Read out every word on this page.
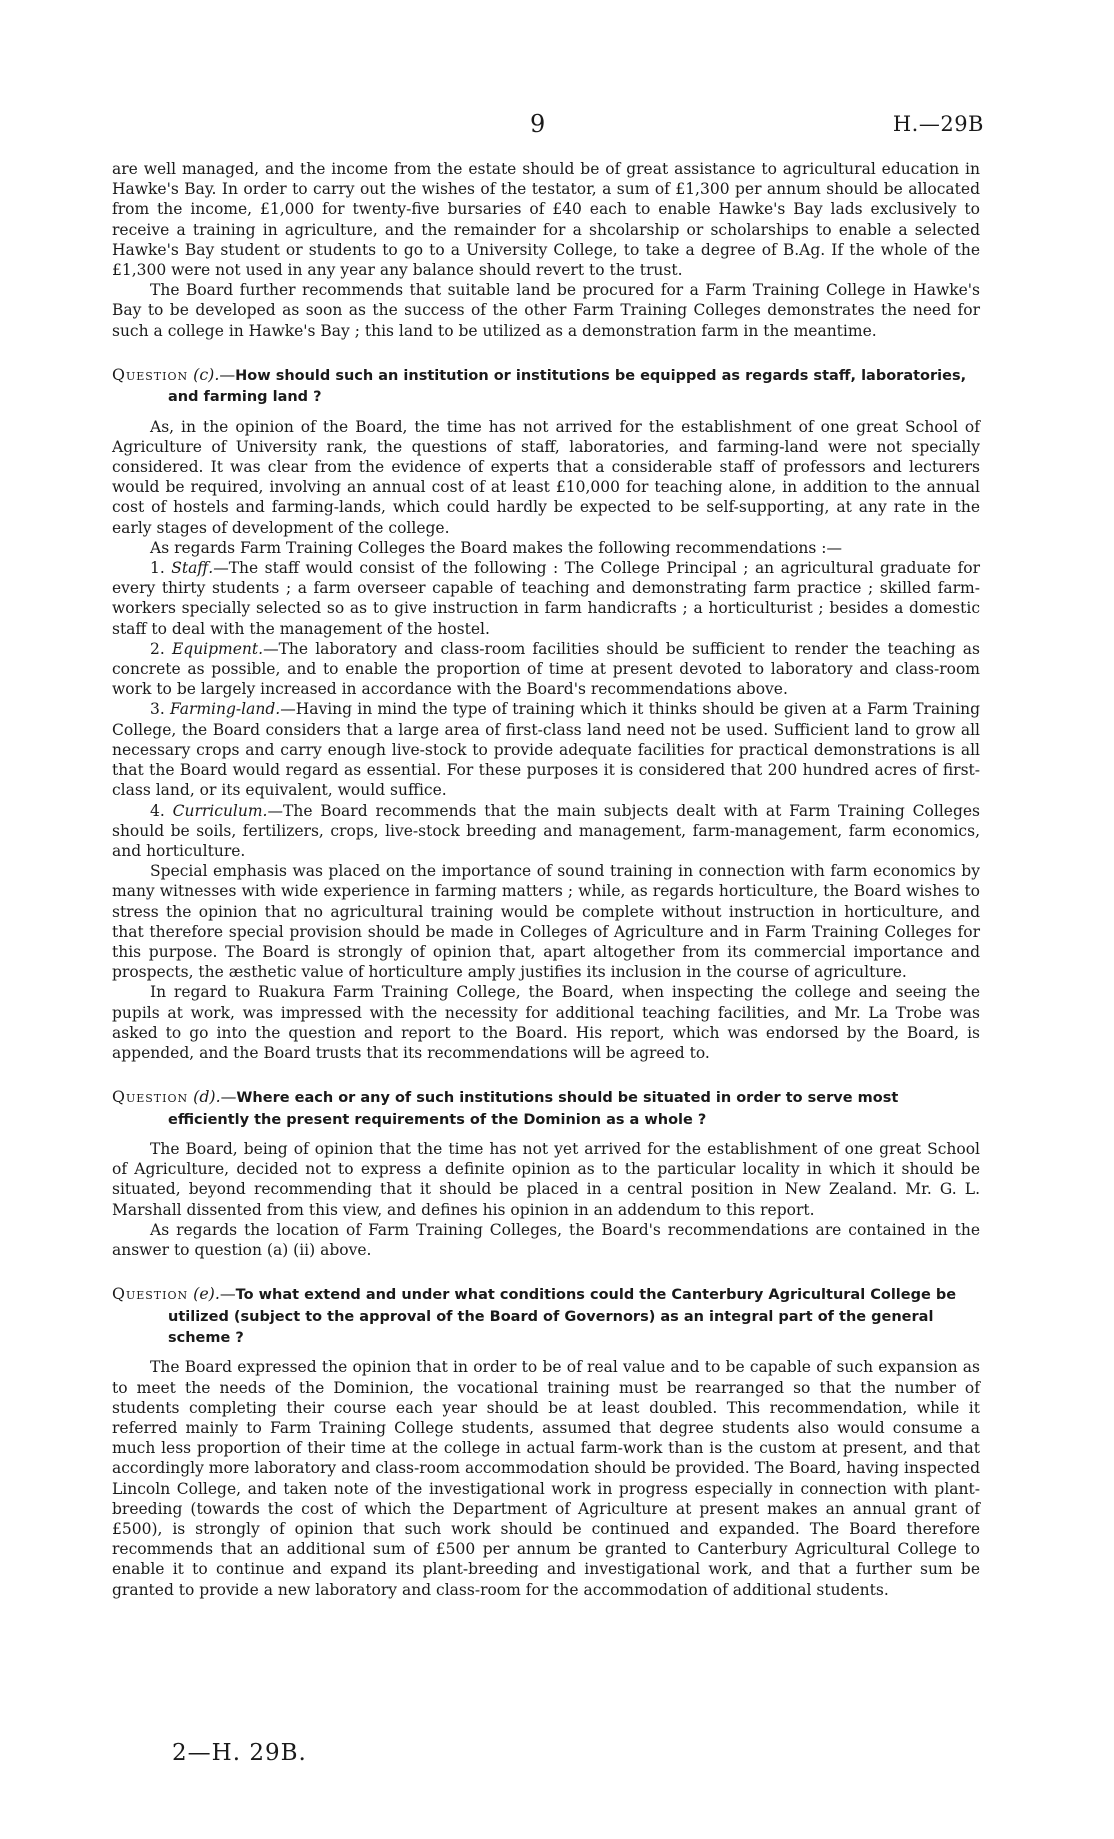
9	H.—29B

are well managed, and the income from the estate should be of great assistance to agricultural education in Hawke's Bay. In order to carry out the wishes of the testator, a sum of £1,300 per annum should be allocated from the income, £1,000 for twenty-five bursaries of £40 each to enable Hawke's Bay lads exclusively to receive a training in agriculture, and the remainder for a shcolarship or scholarships to enable a selected Hawke's Bay student or students to go to a University College, to take a degree of B.Ag. If the whole of the £1,300 were not used in any year any balance should revert to the trust.

The Board further recommends that suitable land be procured for a Farm Training College in Hawke's Bay to be developed as soon as the success of the other Farm Training Colleges demonstrates the need for such a college in Hawke's Bay ; this land to be utilized as a demonstration farm in the meantime.

Question (c).—How should such an institution or institutions be equipped as regards staff, laboratories, and farming land ?

As, in the opinion of the Board, the time has not arrived for the establishment of one great School of Agriculture of University rank, the questions of staff, laboratories, and farming-land were not specially considered. It was clear from the evidence of experts that a considerable staff of professors and lecturers would be required, involving an annual cost of at least £10,000 for teaching alone, in addition to the annual cost of hostels and farming-lands, which could hardly be expected to be self-supporting, at any rate in the early stages of development of the college.

As regards Farm Training Colleges the Board makes the following recommendations :—

1. Staff.—The staff would consist of the following : The College Principal ; an agricultural graduate for every thirty students ; a farm overseer capable of teaching and demonstrating farm practice ; skilled farm-workers specially selected so as to give instruction in farm handicrafts ; a horticulturist ; besides a domestic staff to deal with the management of the hostel.

2. Equipment.—The laboratory and class-room facilities should be sufficient to render the teaching as concrete as possible, and to enable the proportion of time at present devoted to laboratory and class-room work to be largely increased in accordance with the Board's recommendations above.

3. Farming-land.—Having in mind the type of training which it thinks should be given at a Farm Training College, the Board considers that a large area of first-class land need not be used. Sufficient land to grow all necessary crops and carry enough live-stock to provide adequate facilities for practical demonstrations is all that the Board would regard as essential. For these purposes it is considered that 200 hundred acres of first-class land, or its equivalent, would suffice.

4. Curriculum.—The Board recommends that the main subjects dealt with at Farm Training Colleges should be soils, fertilizers, crops, live-stock breeding and management, farm-management, farm economics, and horticulture.

Special emphasis was placed on the importance of sound training in connection with farm economics by many witnesses with wide experience in farming matters ; while, as regards horticulture, the Board wishes to stress the opinion that no agricultural training would be complete without instruction in horticulture, and that therefore special provision should be made in Colleges of Agriculture and in Farm Training Colleges for this purpose. The Board is strongly of opinion that, apart altogether from its commercial importance and prospects, the æsthetic value of horticulture amply justifies its inclusion in the course of agriculture.

In regard to Ruakura Farm Training College, the Board, when inspecting the college and seeing the pupils at work, was impressed with the necessity for additional teaching facilities, and Mr. La Trobe was asked to go into the question and report to the Board. His report, which was endorsed by the Board, is appended, and the Board trusts that its recommendations will be agreed to.

Question (d).—Where each or any of such institutions should be situated in order to serve most efficiently the present requirements of the Dominion as a whole ?

The Board, being of opinion that the time has not yet arrived for the establishment of one great School of Agriculture, decided not to express a definite opinion as to the particular locality in which it should be situated, beyond recommending that it should be placed in a central position in New Zealand. Mr. G. L. Marshall dissented from this view, and defines his opinion in an addendum to this report.

As regards the location of Farm Training Colleges, the Board's recommendations are contained in the answer to question (a) (ii) above.

Question (e).—To what extend and under what conditions could the Canterbury Agricultural College be utilized (subject to the approval of the Board of Governors) as an integral part of the general scheme ?

The Board expressed the opinion that in order to be of real value and to be capable of such expansion as to meet the needs of the Dominion, the vocational training must be rearranged so that the number of students completing their course each year should be at least doubled. This recommendation, while it referred mainly to Farm Training College students, assumed that degree students also would consume a much less proportion of their time at the college in actual farm-work than is the custom at present, and that accordingly more laboratory and class-room accommodation should be provided. The Board, having inspected Lincoln College, and taken note of the investigational work in progress especially in connection with plant-breeding (towards the cost of which the Department of Agriculture at present makes an annual grant of £500), is strongly of opinion that such work should be continued and expanded. The Board therefore recommends that an additional sum of £500 per annum be granted to Canterbury Agricultural College to enable it to continue and expand its plant-breeding and investigational work, and that a further sum be granted to provide a new laboratory and class-room for the accommodation of additional students.

2—H. 29B.
